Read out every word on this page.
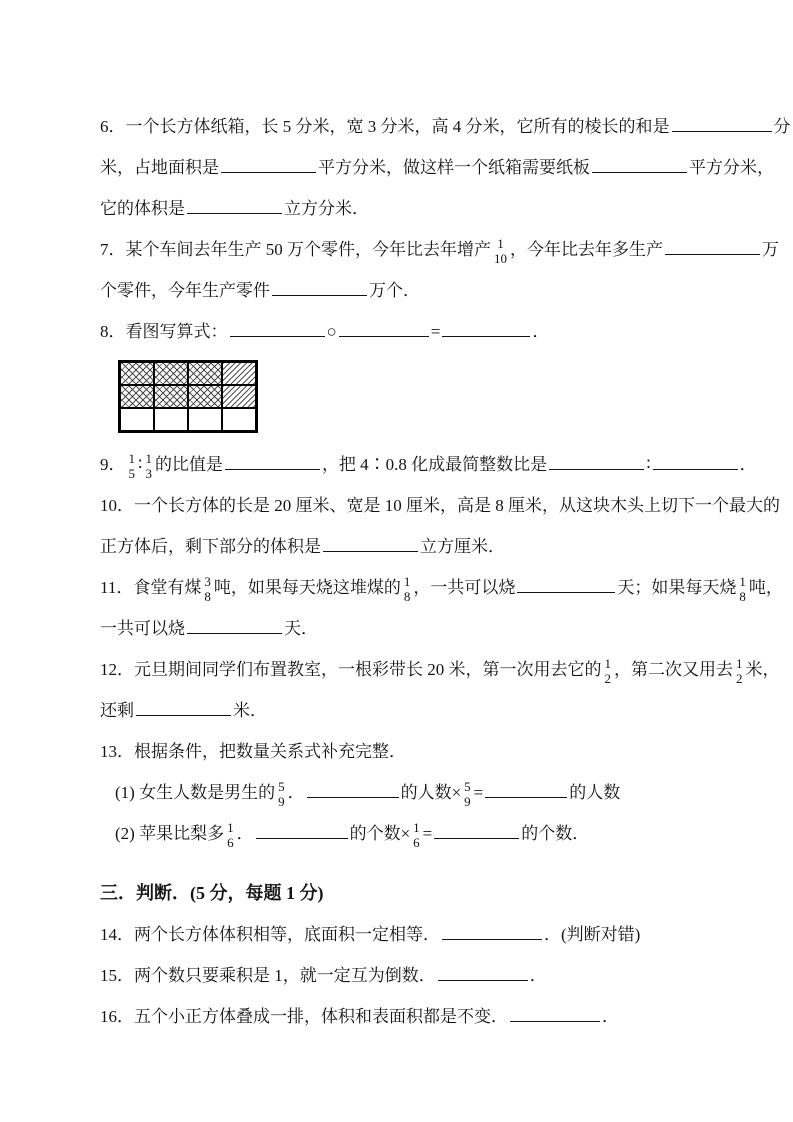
6．一个长方体纸箱，长 5 分米，宽 3 分米，高 4 分米，它所有的棱长的和是	分
米，占地面积是	平方分米，做这样一个纸箱需要纸板	平方分米，
它的体积是	立方分米．
7．某个车间去年生产 50 万个零件，今年比去年增产 1
10 ，今年比去年多生产	万
个零件，今年生产零件	万个．
8．看图写算式：	○	=	．
9． 1
5 ∶ 1
3 的比值是	，把 4∶0.8 化成最简整数比是	∶	．
10．一个长方体的长是 20 厘米、宽是 10 厘米，高是 8 厘米，从这块木头上切下一个最大的
正方体后，剩下部分的体积是	立方厘米．
11．食堂有煤 3
8 吨，如果每天烧这堆煤的 1
8 ，一共可以烧	天；如果每天烧 1
8 吨，
一共可以烧	天．
12．元旦期间同学们布置教室，一根彩带长 20 米，第一次用去它的 1
2 ，第二次又用去 1
2 米，
还剩	米．
13．根据条件，把数量关系式补充完整．
(1) 女生人数是男生的 5
9 ．	的人数× 5
9 =	的人数
(2) 苹果比梨多 1
6 ．	的个数× 1
6 =	的个数．
三．判断．(5 分，每题 1 分)
14．两个长方体体积相等，底面积一定相等．	．(判断对错)
15．两个数只要乘积是 1，就一定互为倒数．	．
16．五个小正方体叠成一排，体积和表面积都是不变．	．
